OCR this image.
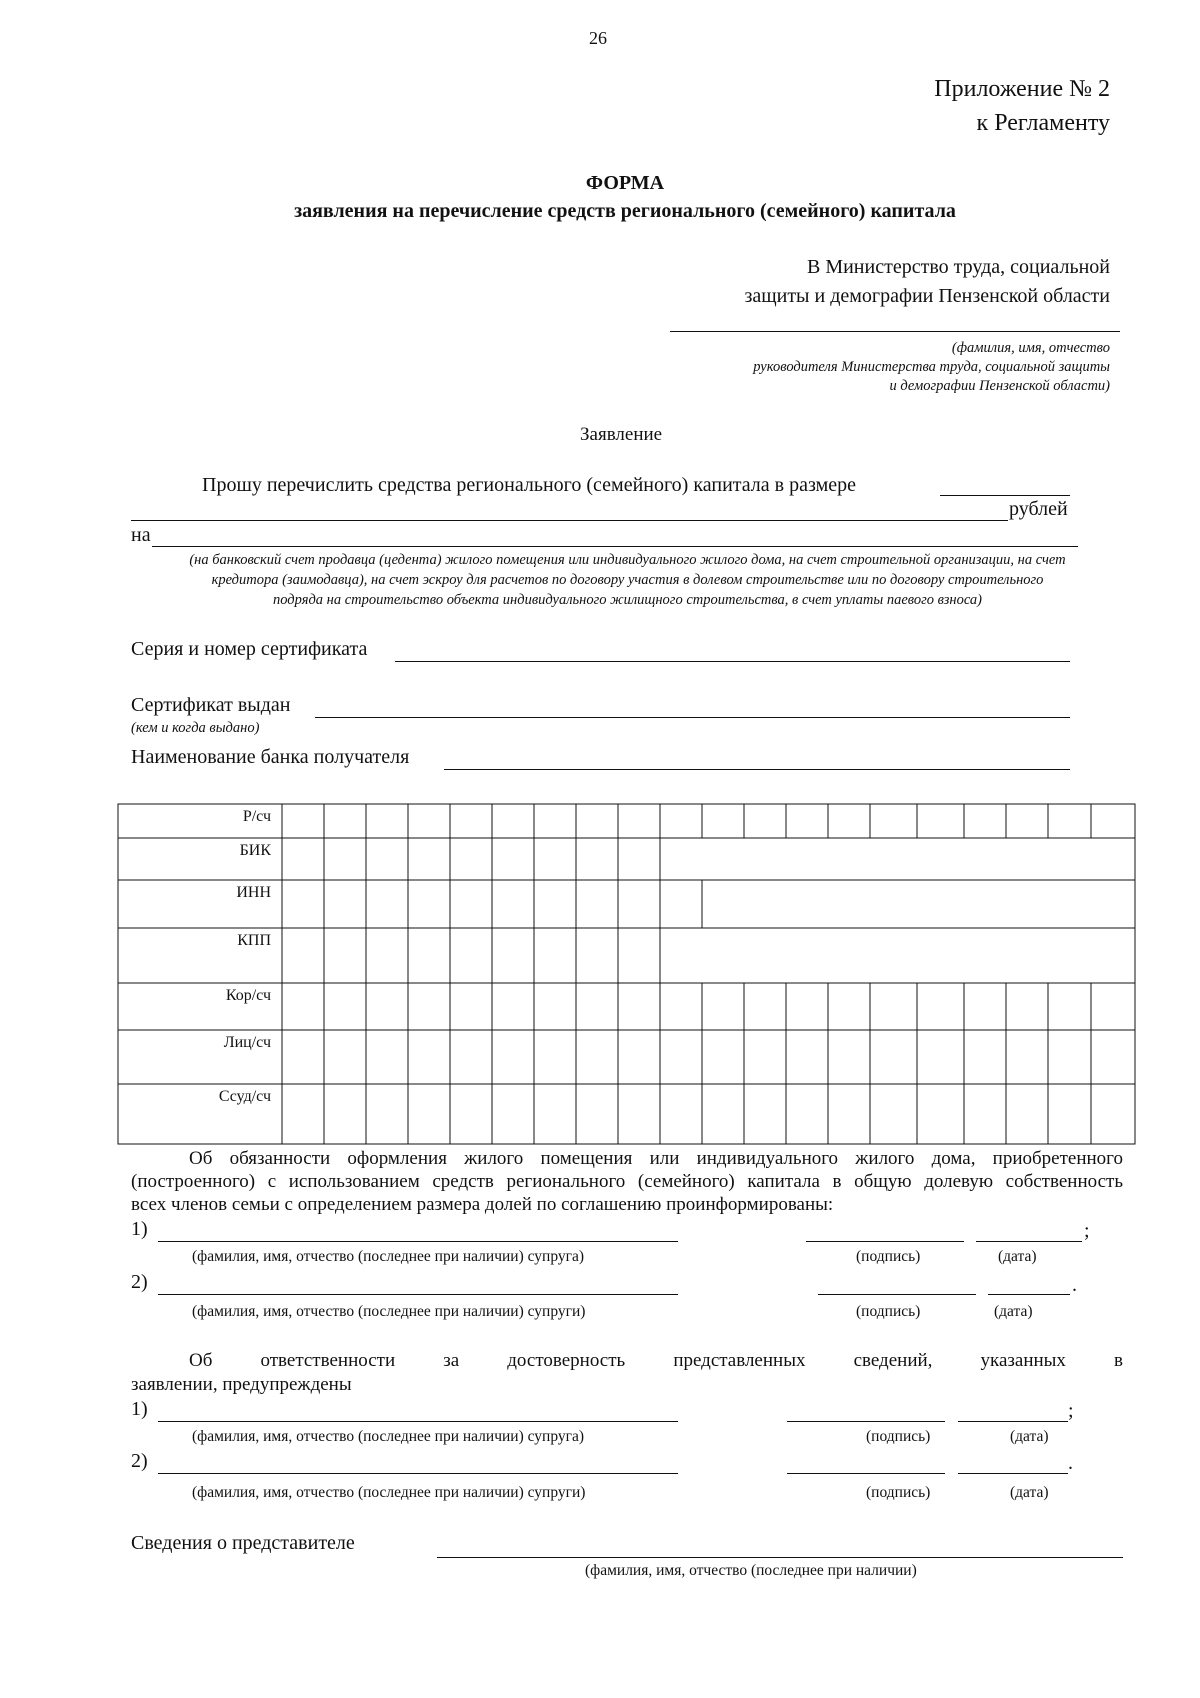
26
Приложение № 2
к Регламенту
ФОРМА
заявления на перечисление средств регионального (семейного) капитала
В Министерство труда, социальной
защиты и демографии Пензенской области
(фамилия, имя, отчество
руководителя Министерства труда, социальной защиты
и демографии Пензенской области)
Заявление
Прошу перечислить средства регионального (семейного) капитала в размере
рублей
на
(на банковский счет продавца (цедента) жилого помещения или индивидуального жилого дома, на счет строительной организации, на счет
кредитора (заимодавца), на счет эскроу для расчетов по договору участия в долевом строительстве или по договору строительного
подряда на строительство объекта индивидуального жилищного строительства, в счет уплаты паевого взноса)
Серия и номер сертификата
Сертификат выдан
(кем и когда выдано)
Наименование банка получателя
Р/сч
БИК
ИНН
КПП
Кор/сч
Лиц/сч
Ссуд/сч
Об обязанности оформления жилого помещения или индивидуального жилого дома, приобретенного
(построенного) с использованием средств регионального (семейного) капитала в общую долевую собственность
всех членов семьи с определением размера долей по соглашению проинформированы:
1)	;
(фамилия, имя, отчество (последнее при наличии) супруга)	(подпись)	(дата)
2)	.
(фамилия, имя, отчество (последнее при наличии) супруги)	(подпись)	(дата)
Об ответственности за достоверность представленных сведений, указанных в
заявлении, предупреждены
1)	;
(фамилия, имя, отчество (последнее при наличии) супруга)	(подпись)	(дата)
2)	.
(фамилия, имя, отчество (последнее при наличии) супруги)	(подпись)	(дата)
Сведения о представителе
(фамилия, имя, отчество (последнее при наличии)
